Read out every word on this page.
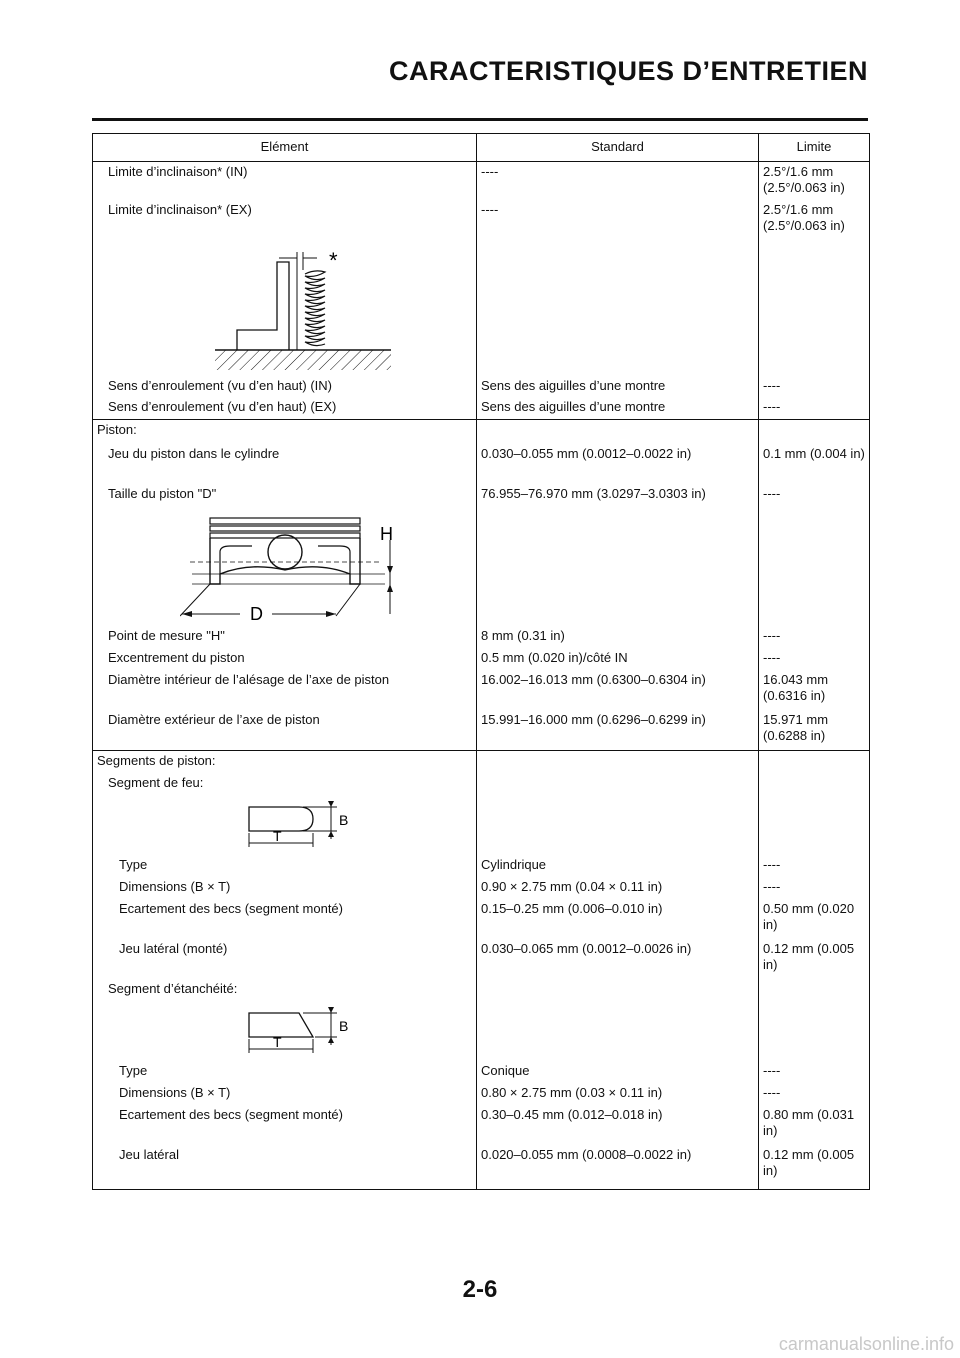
CARACTERISTIQUES D’ENTRETIEN
Elément	Standard	Limite
Limite d’inclinaison* (IN)	----	2.5°/1.6 mm (2.5°/0.063 in)
Limite d’inclinaison* (EX)	----	2.5°/1.6 mm (2.5°/0.063 in)
*
Sens d’enroulement (vu d’en haut) (IN)	Sens des aiguilles d’une montre	----
Sens d’enroulement (vu d’en haut) (EX)	Sens des aiguilles d’une montre	----
Piston:
Jeu du piston dans le cylindre	0.030–0.055 mm (0.0012–0.0022 in)	0.1 mm (0.004 in)
Taille du piston "D"	76.955–76.970 mm (3.0297–3.0303 in)	----
H
D
Point de mesure "H"	8 mm (0.31 in)	----
Excentrement du piston	0.5 mm (0.020 in)/côté IN	----
Diamètre intérieur de l’alésage de l’axe de piston	16.002–16.013 mm (0.6300–0.6304 in)	16.043 mm (0.6316 in)
Diamètre extérieur de l’axe de piston	15.991–16.000 mm (0.6296–0.6299 in)	15.971 mm (0.6288 in)
Segments de piston:
Segment de feu:
B
T
Type	Cylindrique	----
Dimensions (B × T)	0.90 × 2.75 mm (0.04 × 0.11 in)	----
Ecartement des becs (segment monté)	0.15–0.25 mm (0.006–0.010 in)	0.50 mm (0.020 in)
Jeu latéral (monté)	0.030–0.065 mm (0.0012–0.0026 in)	0.12 mm (0.005 in)
Segment d’étanchéité:
B
T
Type	Conique	----
Dimensions (B × T)	0.80 × 2.75 mm (0.03 × 0.11 in)	----
Ecartement des becs (segment monté)	0.30–0.45 mm (0.012–0.018 in)	0.80 mm (0.031 in)
Jeu latéral	0.020–0.055 mm (0.0008–0.0022 in)	0.12 mm (0.005 in)
2-6
carmanualsonline.info
